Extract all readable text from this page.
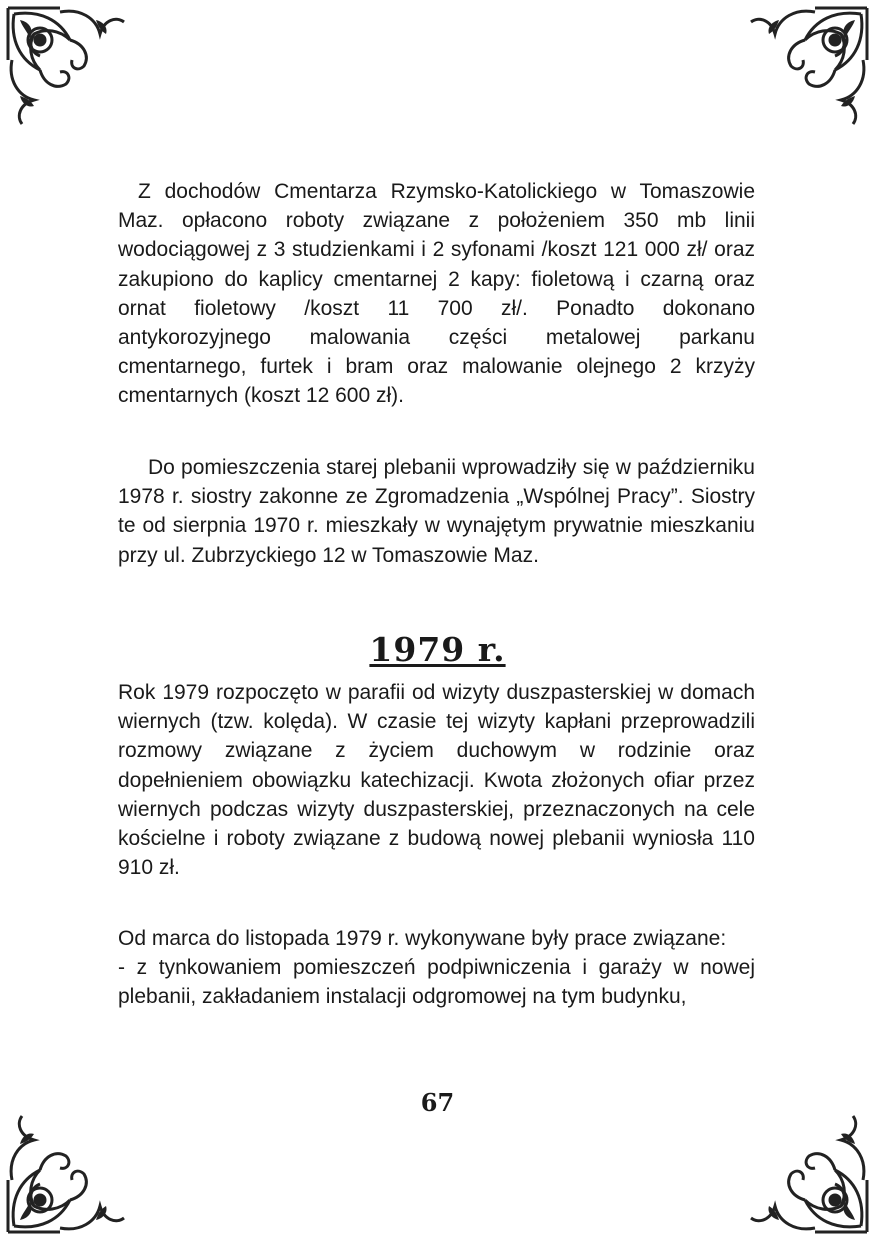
Z dochodów Cmentarza Rzymsko-Katolickiego w Tomaszowie Maz. opłacono roboty związane z położeniem 350 mb linii wodociągowej z 3 studzienkami i 2 syfonami /koszt 121 000 zł/ oraz zakupiono do kaplicy cmentarnej 2 kapy: fioletową i czarną oraz ornat fioletowy /koszt 11 700 zł/. Ponadto dokonano antykorozyjnego malowania części metalowej parkanu cmentarnego, furtek i bram oraz malowanie olejnego 2 krzyży cmentarnych (koszt 12 600 zł).

Do pomieszczenia starej plebanii wprowadziły się w październiku 1978 r. siostry zakonne ze Zgromadzenia „Wspólnej Pracy”. Siostry te od sierpnia 1970 r. mieszkały w wynajętym prywatnie mieszkaniu przy ul. Zubrzyckiego 12 w Tomaszowie Maz.

1979 r.

Rok 1979 rozpoczęto w parafii od wizyty duszpasterskiej w domach wiernych (tzw. kolęda). W czasie tej wizyty kapłani przeprowadzili rozmowy związane z życiem duchowym w rodzinie oraz dopełnieniem obowiązku katechizacji. Kwota złożonych ofiar przez wiernych podczas wizyty duszpasterskiej, przeznaczonych na cele kościelne i roboty związane z budową nowej plebanii wyniosła 110 910 zł.

Od marca do listopada 1979 r. wykonywane były prace związane:

- z tynkowaniem pomieszczeń podpiwniczenia i garaży w nowej plebanii, zakładaniem instalacji odgromowej na tym budynku,

67
